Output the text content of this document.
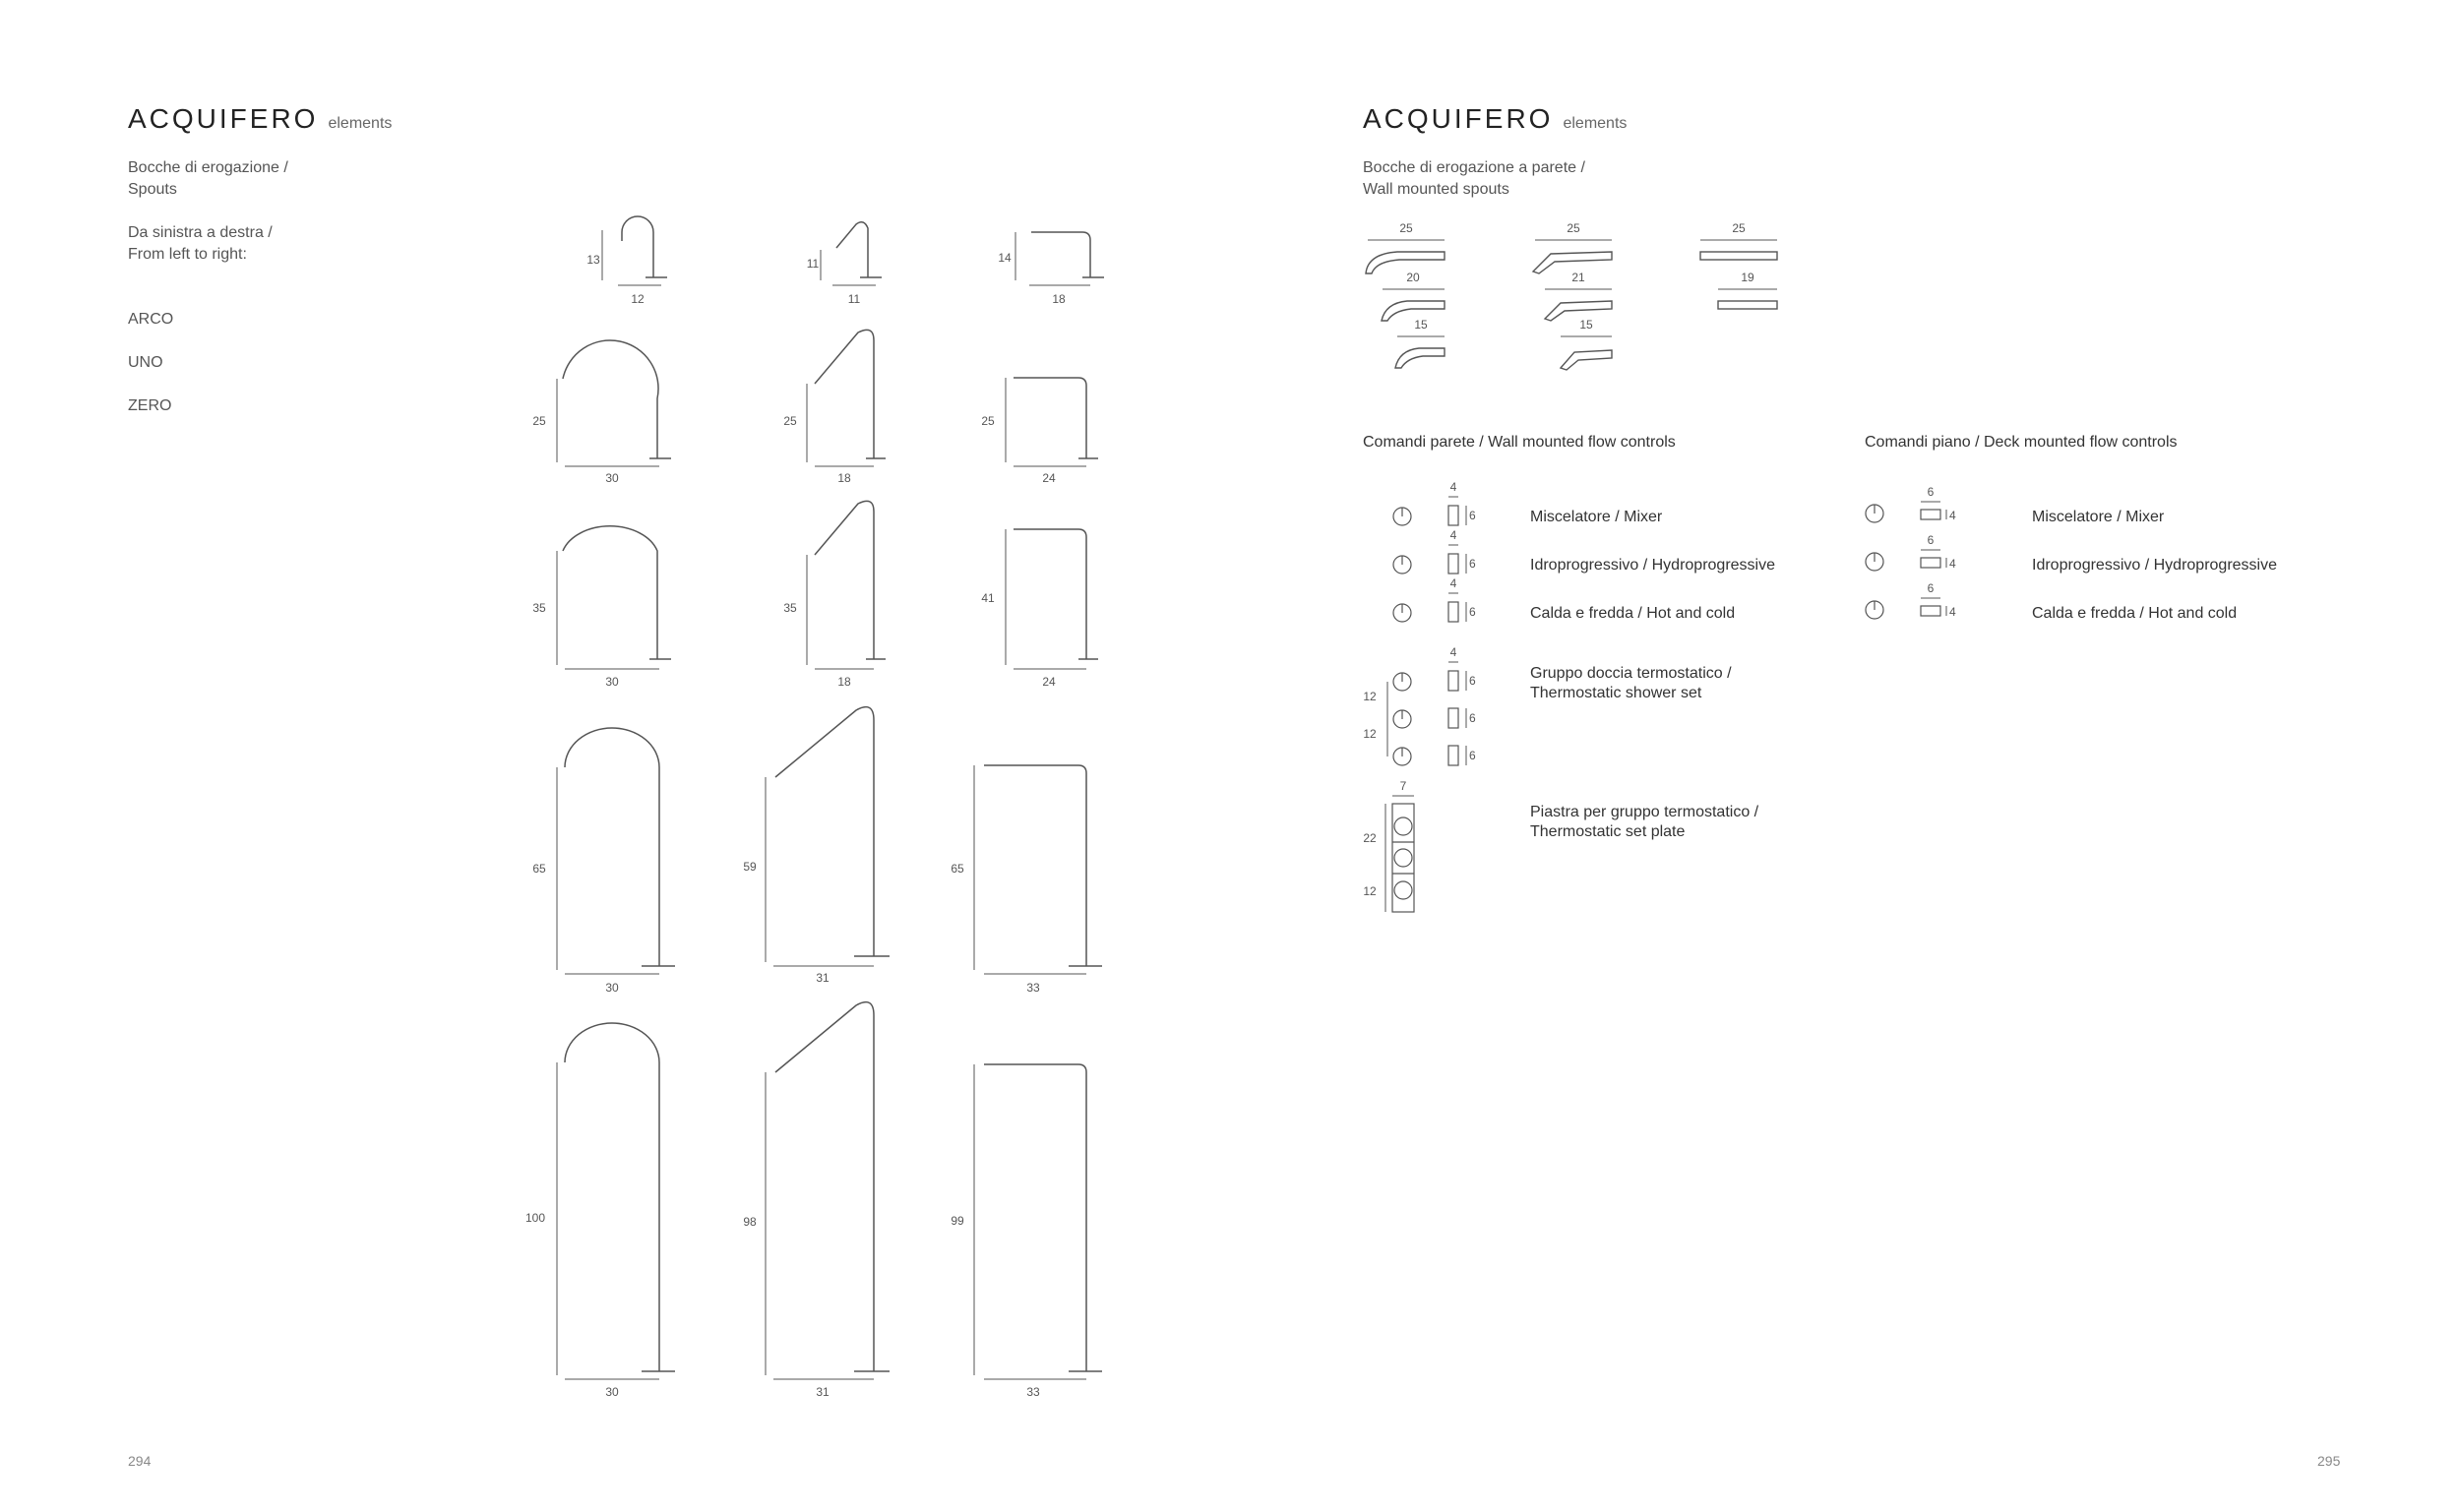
ACQUIFERO elements
Bocche di erogazione /
Spouts
Da sinistra a destra /
From left to right:

ARCO

UNO

ZERO

13
12
11
11
14
18
25
30
25
18
25
24
35
30
35
18
41
24
65
30
59
31
65
33
100
30
98
31
99
33
294
ACQUIFERO elements
Bocche di erogazione a parete /
Wall mounted spouts
25
20
15
25
21
15
25
19
4
6
4
6
4
6
4
6
6
6
12
12
7
22
12
6
4
6
4
6
4
Comandi parete / Wall mounted flow controls
Miscelatore / Mixer
Idroprogressivo / Hydroprogressive
Calda e fredda / Hot and cold
Gruppo doccia termostatico /
Thermostatic shower set
Piastra per gruppo termostatico /
Thermostatic set plate
Comandi piano / Deck mounted flow controls
Miscelatore / Mixer
Idroprogressivo / Hydroprogressive
Calda e fredda / Hot and cold
295
